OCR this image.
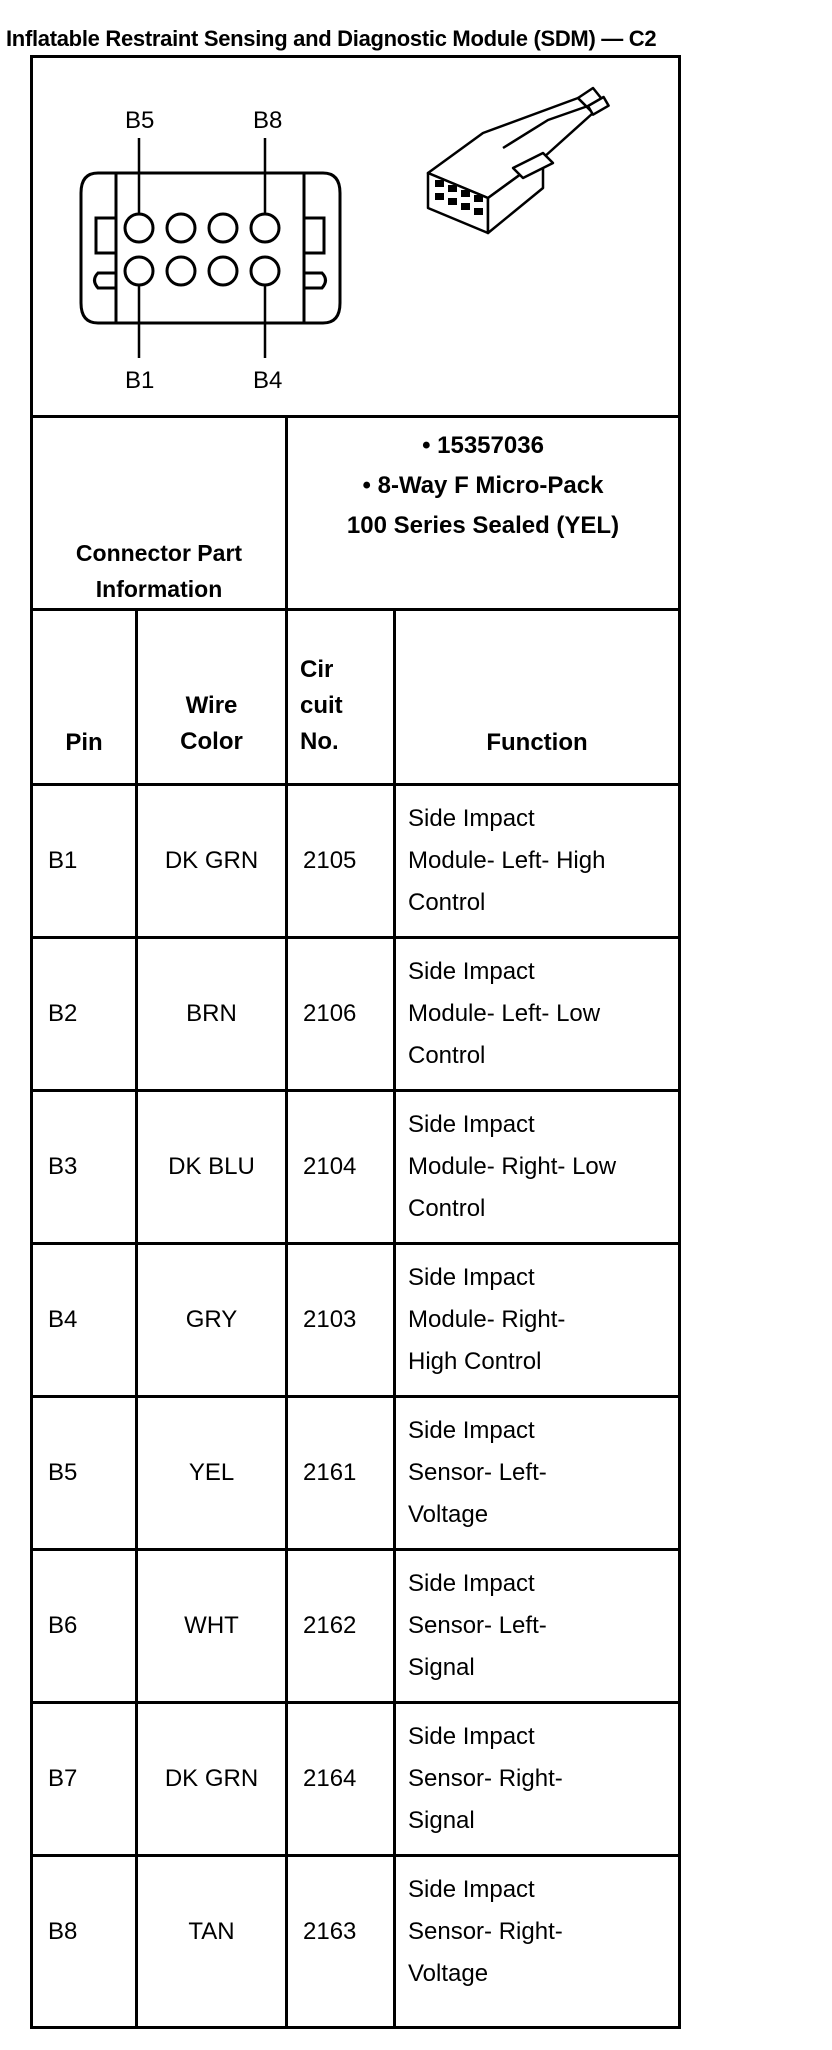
Inflatable Restraint Sensing and Diagnostic Module (SDM) — C2
B5	B8
B1	B4
Connector Part
Information
• 15357036
• 8-Way F Micro-Pack
100 Series Sealed (YEL)
Pin
Wire
Color
Cir
cuit
No.	Function
B1	DK GRN	2105
Side Impact
Module- Left- High
Control
B2	BRN	2106
Side Impact
Module- Left- Low
Control
B3	DK BLU	2104
Side Impact
Module- Right- Low
Control
B4	GRY	2103
Side Impact
Module- Right-
High Control
B5	YEL	2161
Side Impact
Sensor- Left-
Voltage
B6	WHT	2162
Side Impact
Sensor- Left-
Signal
B7	DK GRN	2164
Side Impact
Sensor- Right-
Signal
B8	TAN	2163
Side Impact
Sensor- Right-
Voltage
